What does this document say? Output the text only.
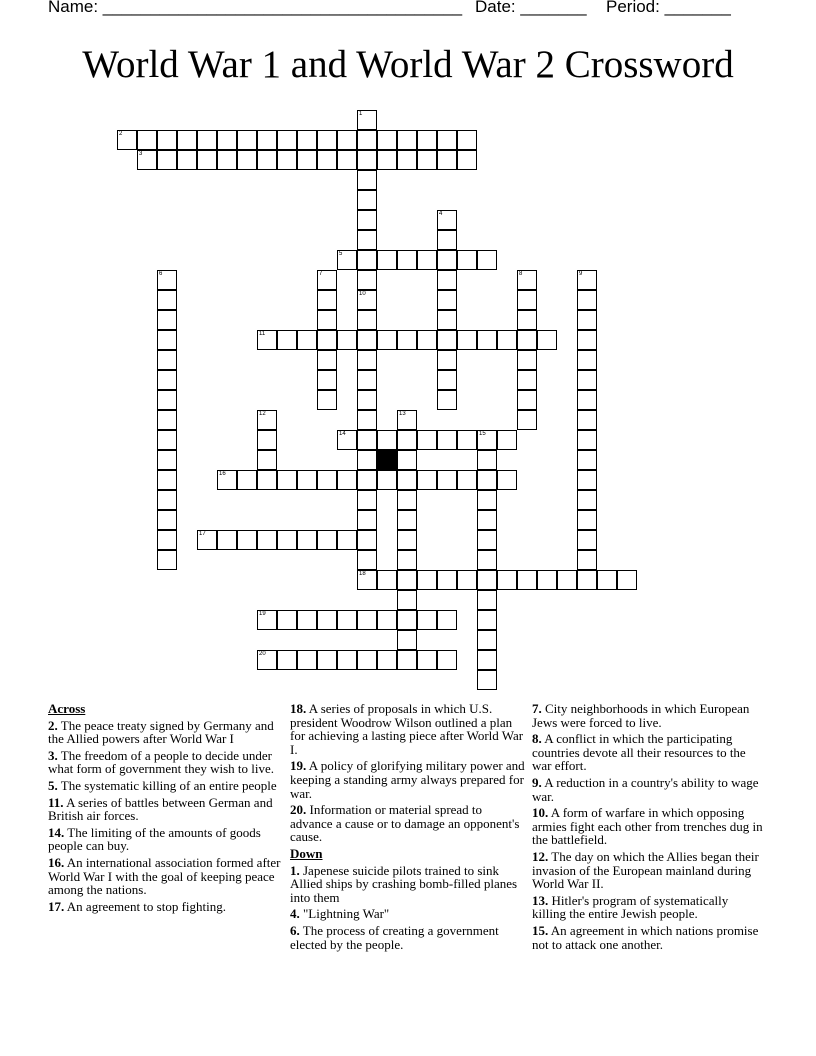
Name: ______________________________________ Date: _______ Period: _______
World War 1 and World War 2 Crossword
2
3
5
11
14	15
16
17
18
19
20
1
10
4
6	7	8	9
12	13
Across
2. The peace treaty signed by Germany and the Allied powers after World War I
3. The freedom of a people to decide under what form of government they wish to live.
5. The systematic killing of an entire people
11. A series of battles between German and British air forces.
14. The limiting of the amounts of goods people can buy.
16. An international association formed after World War I with the goal of keeping peace among the nations.
17. An agreement to stop fighting.
18. A series of proposals in which U.S. president Woodrow Wilson outlined a plan for achieving a lasting piece after World War I.
19. A policy of glorifying military power and keeping a standing army always prepared for war.
20. Information or material spread to advance a cause or to damage an opponent's cause.
Down
1. Japenese suicide pilots trained to sink Allied ships by crashing bomb-filled planes into them
4. "Lightning War"
6. The process of creating a government elected by the people.
7. City neighborhoods in which European Jews were forced to live.
8. A conflict in which the participating countries devote all their resources to the war effort.
9. A reduction in a country's ability to wage war.
10. A form of warfare in which opposing armies fight each other from trenches dug in the battlefield.
12. The day on which the Allies began their invasion of the European mainland during World War II.
13. Hitler's program of systematically killing the entire Jewish people.
15. An agreement in which nations promise not to attack one another.
